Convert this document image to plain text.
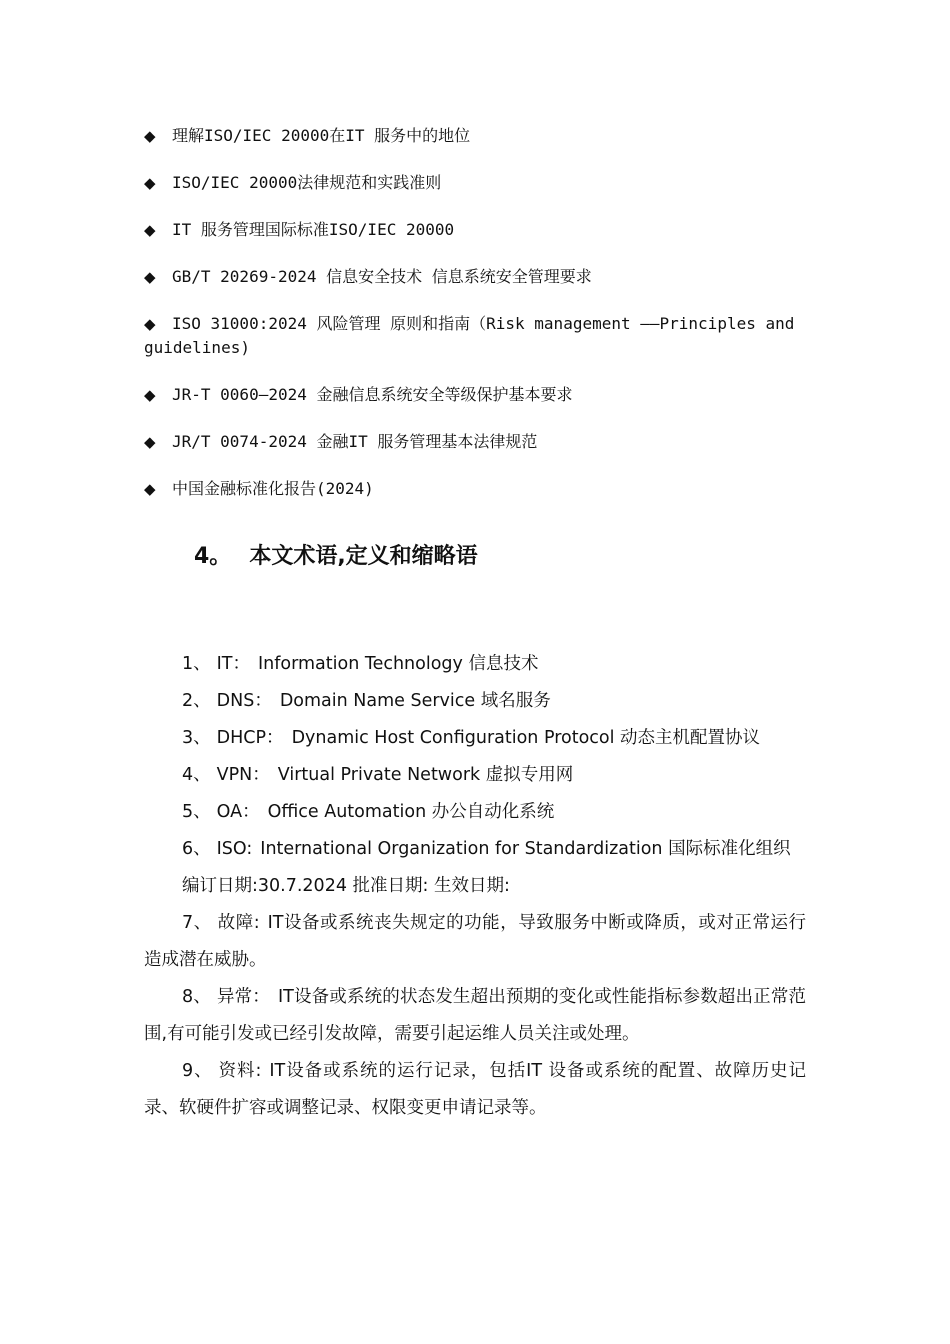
◆ 理解ISO/IEC 20000在IT 服务中的地位
◆ ISO/IEC 20000法律规范和实践准则
◆ IT 服务管理国际标准ISO/IEC 20000
◆ GB/T 20269-2024 信息安全技术 信息系统安全管理要求
◆ ISO 31000:2024 风险管理 原则和指南（Risk management ——Principles and guidelines)
◆ JR-T 0060—2024 金融信息系统安全等级保护基本要求
◆ JR/T 0074-2024 金融IT 服务管理基本法律规范
◆ 中国金融标准化报告(2024)
4。 本文术语,定义和缩略语

1、 IT： Information Technology 信息技术

2、 DNS： Domain Name Service 域名服务

3、 DHCP： Dynamic Host Configuration Protocol 动态主机配置协议

4、 VPN： Virtual Private Network 虚拟专用网

5、 OA： Office Automation 办公自动化系统

6、 ISO: International Organization for Standardization 国际标准化组织

编订日期:30.7.2024 批准日期: 生效日期:

7、 故障: IT设备或系统丧失规定的功能，导致服务中断或降质，或对正常运行造成潜在威胁。

8、 异常： IT设备或系统的状态发生超出预期的变化或性能指标参数超出正常范围,有可能引发或已经引发故障，需要引起运维人员关注或处理。

9、 资料: IT设备或系统的运行记录，包括IT 设备或系统的配置、故障历史记录、软硬件扩容或调整记录、权限变更申请记录等。
